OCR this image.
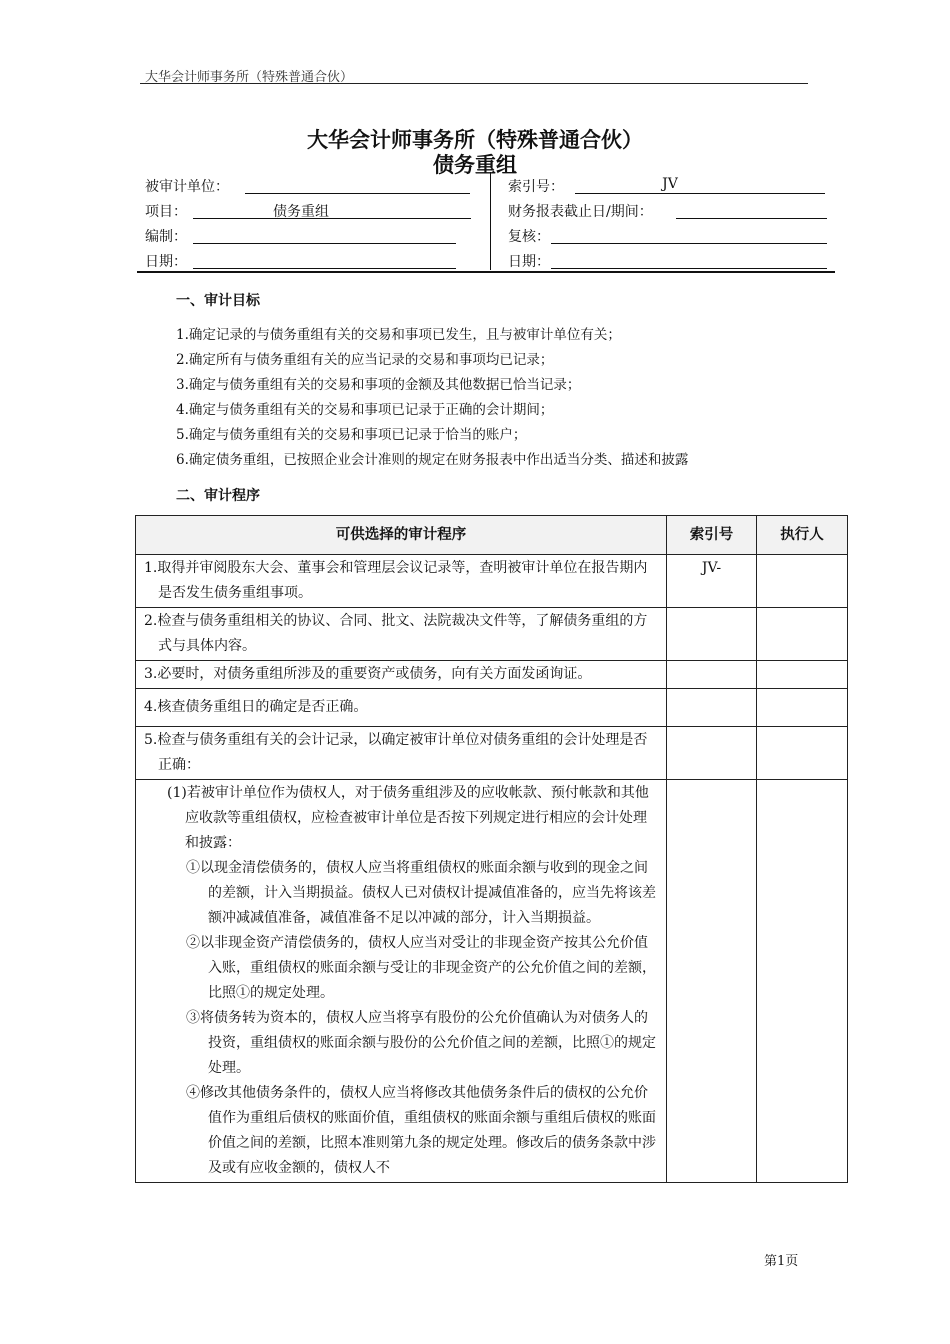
大华会计师事务所（特殊普通合伙）
大华会计师事务所（特殊普通合伙）
债务重组
被审计单位：
项目：	债务重组
编制：
日期：
索引号：	JV
财务报表截止日/期间：
复核：
日期：
一、审计目标
1.确定记录的与债务重组有关的交易和事项已发生，且与被审计单位有关；
2.确定所有与债务重组有关的应当记录的交易和事项均已记录；
3.确定与债务重组有关的交易和事项的金额及其他数据已恰当记录；
4.确定与债务重组有关的交易和事项已记录于正确的会计期间；
5.确定与债务重组有关的交易和事项已记录于恰当的账户；
6.确定债务重组，已按照企业会计准则的规定在财务报表中作出适当分类、描述和披露
二、审计程序
可供选择的审计程序	索引号	执行人

1.取得并审阅股东大会、董事会和管理层会议记录等，查明被审计单位在报告期内是否发生债务重组事项。	JV-	

2.检查与债务重组相关的协议、合同、批文、法院裁决文件等，了解债务重组的方式与具体内容。		

3.必要时，对债务重组所涉及的重要资产或债务，向有关方面发函询证。		

4.核查债务重组日的确定是否正确。		

5.检查与债务重组有关的会计记录，以确定被审计单位对债务重组的会计处理是否正确：		

(1)若被审计单位作为债权人，对于债务重组涉及的应收帐款、预付帐款和其他应收款等重组债权，应检查被审计单位是否按下列规定进行相应的会计处理和披露：
①以现金清偿债务的，债权人应当将重组债权的账面余额与收到的现金之间的差额，计入当期损益。债权人已对债权计提减值准备的，应当先将该差额冲减减值准备，减值准备不足以冲减的部分，计入当期损益。
②以非现金资产清偿债务的，债权人应当对受让的非现金资产按其公允价值入账，重组债权的账面余额与受让的非现金资产的公允价值之间的差额，比照①的规定处理。
③将债务转为资本的，债权人应当将享有股份的公允价值确认为对债务人的投资，重组债权的账面余额与股份的公允价值之间的差额，比照①的规定处理。
④修改其他债务条件的，债权人应当将修改其他债务条件后的债权的公允价值作为重组后债权的账面价值，重组债权的账面余额与重组后债权的账面价值之间的差额，比照本准则第九条的规定处理。修改后的债务条款中涉及或有应收金额的，债权人不		

第1页
